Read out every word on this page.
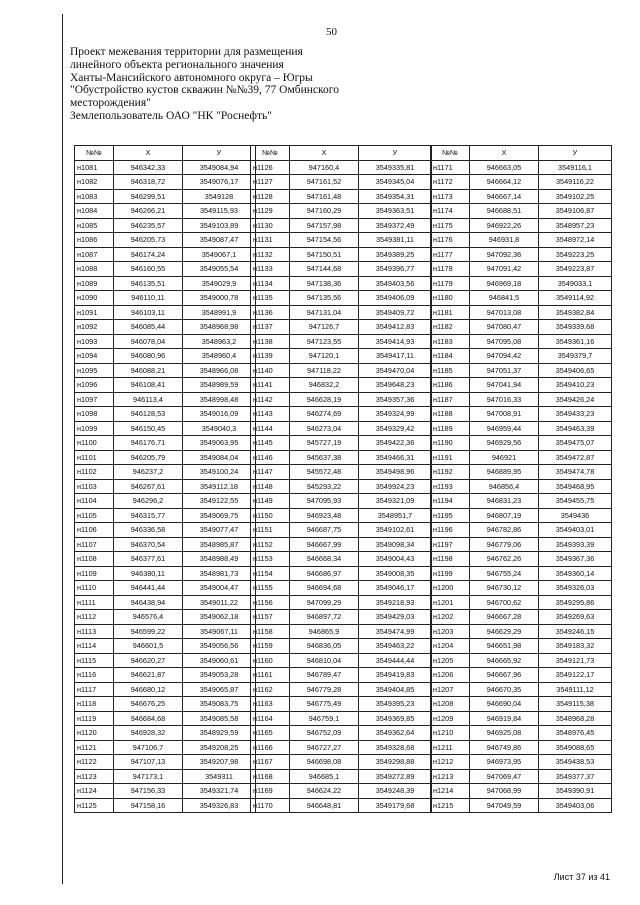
50
Проект межевания территории для размещения
линейного объекта регионального значения
Ханты-Мансийского автономного округа – Югры
"Обустройство кустов скважин №№39, 77 Омбинского
месторождения"
Землепользователь ОАО "НК "Роснефть"
№№	X	У
н1081	946342,33	3549084,94
н1082	946318,72	3549076,17
н1083	946299,51	3549128
н1084	946266,21	3549115,93
н1085	946235,57	3549103,89
н1086	946205,73	3549087,47
н1087	946174,24	3549067,1
н1088	946160,55	3549055,54
н1089	946135,51	3549029,9
н1090	946110,11	3549000,78
н1091	946103,11	3548991,9
н1092	946085,44	3548968,98
н1093	946078,04	3548963,2
н1094	946080,96	3548960,4
н1095	946088,21	3548966,08
н1096	946108,41	3548989,59
н1097	946113,4	3548998,48
н1098	946128,53	3549016,09
н1099	946150,45	3549040,3
н1100	946176,71	3549063,95
н1101	946205,79	3549084,04
н1102	946237,2	3549100,24
н1103	946267,61	3549112,18
н1104	946296,2	3549122,55
н1105	946315,77	3549069,75
н1106	946336,58	3549077,47
н1107	946370,54	3548985,87
н1108	946377,61	3548988,49
н1109	946380,11	3548981,73
н1110	946441,44	3549004,47
н1111	946438,94	3549011,22
н1112	946576,4	3549062,18
н1113	946599,22	3549067,11
н1114	946601,5	3549056,56
н1115	946620,27	3549060,61
н1116	946621,87	3549053,28
н1117	946680,12	3549065,87
н1118	946676,25	3549083,75
н1119	946684,68	3549085,58
н1120	946928,32	3548929,59
н1121	947106,7	3549208,25
н1122	947107,13	3549207,98
н1123	947173,1	3549311
н1124	947156,33	3549321,74
н1125	947158,16	3549326,83
№№	X	У
н1126	947160,4	3549335,81
н1127	947161,52	3549345,04
н1128	947161,48	3549354,31
н1129	947160,29	3549363,51
н1130	947157,98	3549372,49
н1131	947154,56	3549381,11
н1132	947150,51	3549389,25
н1133	947144,68	3549396,77
н1134	947138,36	3549403,56
н1135	947135,56	3549406,09
н1136	947131,04	3549409,72
н1137	947126,7	3549412,83
н1138	947123,55	3549414,93
н1139	947120,1	3549417,11
н1140	947118,22	3549470,04
н1141	946832,2	3549648,23
н1142	946628,19	3549357,36
н1143	946274,69	3549324,99
н1144	946273,04	3549329,42
н1145	945727,19	3549422,36
н1146	945637,38	3549466,31
н1147	945572,48	3549498,96
н1148	945293,22	3549924,23
н1149	947095,93	3549321,09
н1150	946923,48	3548951,7
н1151	946687,75	3549102,61
н1152	946667,99	3549098,34
н1153	946668,34	3549004,43
н1154	946686,97	3549008,35
н1155	946694,68	3549046,17
н1156	947099,29	3549218,93
н1157	946897,72	3549429,03
н1158	946865,9	3549474,99
н1159	946836,05	3549463,22
н1160	946810,04	3549444,44
н1161	946789,47	3549419,83
н1162	946779,28	3549404,85
н1163	946775,49	3549395,23
н1164	946759,1	3549369,85
н1165	946752,09	3549362,64
н1166	946727,27	3549328,68
н1167	946698,08	3549298,88
н1168	946685,1	3549272,89
н1169	946624,22	3549248,39
н1170	946648,81	3549179,68
№№	X	У
н1171	946663,05	3549116,1
н1172	946664,12	3549116,22
н1173	946667,14	3549102,25
н1174	946688,51	3549106,87
н1175	946922,26	3548957,23
н1176	946931,8	3548972,14
н1177	947092,36	3549223,25
н1178	947091,42	3549223,87
н1179	946969,18	3549033,1
н1180	946841,5	3549114,92
н1181	947013,08	3549382,84
н1182	947080,47	3549339,68
н1183	947095,08	3549361,16
н1184	947094,42	3549379,7
н1185	947051,37	3549406,65
н1186	947041,94	3549410,23
н1187	947016,33	3549426,24
н1188	947008,91	3549433,23
н1189	946959,44	3549463,39
н1190	946929,56	3549475,07
н1191	946921	3549472,87
н1192	946889,95	3549474,78
н1193	946856,4	3549468,95
н1194	946831,23	3549455,75
н1195	946807,19	3549436
н1196	946782,86	3549403,01
н1197	946779,06	3549393,39
н1198	946762,26	3549367,36
н1199	946755,24	3549360,14
н1200	946730,12	3549326,03
н1201	946700,62	3549295,86
н1202	946667,28	3549269,63
н1203	946629,29	3549246,15
н1204	946651,98	3549183,32
н1205	946665,92	3549121,73
н1206	946667,96	3549122,17
н1207	946670,35	3549111,12
н1208	946690,04	3549115,38
н1209	946919,84	3548968,28
н1210	946925,08	3548976,45
н1211	946749,86	3549088,65
н1212	946973,95	3549438,53
н1213	947069,47	3549377,37
н1214	947068,99	3549390,91
н1215	947049,59	3549403,06
Лист 37 из 41
